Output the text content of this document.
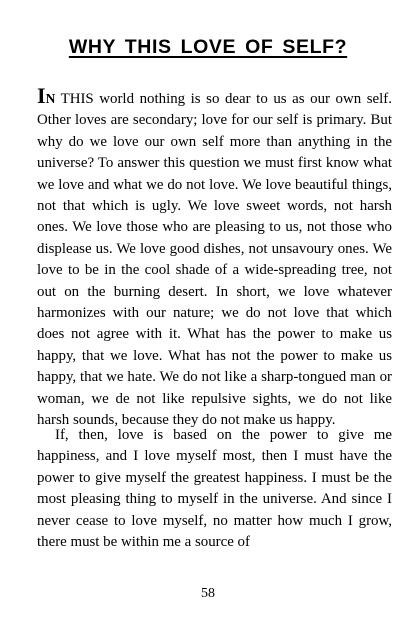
WHY THIS LOVE OF SELF?

IN THIS world nothing is so dear to us as our own self. Other loves are secondary; love for our self is primary. But why do we love our own self more than anything in the universe? To answer this question we must first know what we love and what we do not love. We love beautiful things, not that which is ugly. We love sweet words, not harsh ones. We love those who are pleasing to us, not those who displease us. We love good dishes, not unsavoury ones. We love to be in the cool shade of a wide-spreading tree, not out on the burning desert. In short, we love whatever harmonizes with our nature; we do not love that which does not agree with it. What has the power to make us happy, that we love. What has not the power to make us happy, that we hate. We do not like a sharp-tongued man or woman, we de not like repulsive sights, we do not like harsh sounds, because they do not make us happy.

If, then, love is based on the power to give me happiness, and I love myself most, then I must have the power to give myself the greatest happiness. I must be the most pleasing thing to myself in the universe. And since I never cease to love myself, no matter how much I grow, there must be within me a source of

58
